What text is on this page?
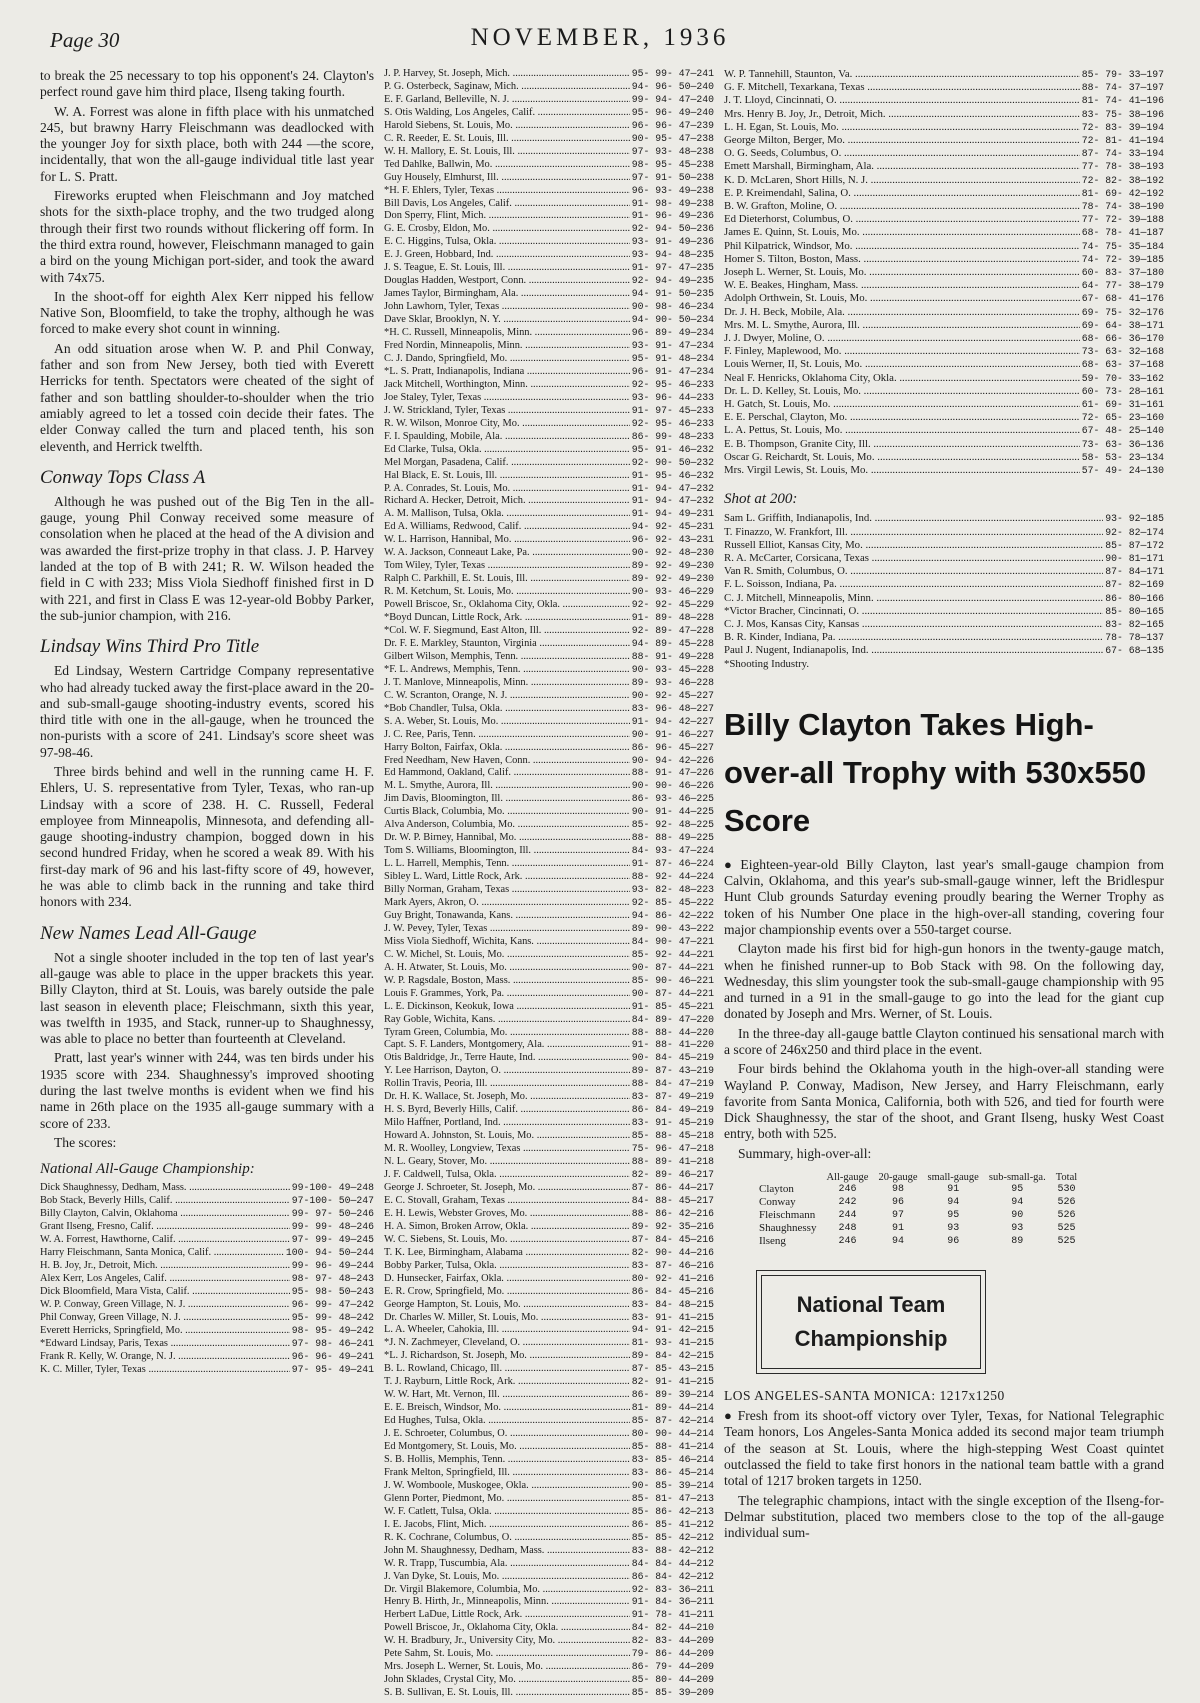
Page 30	NOVEMBER, 1936

to break the 25 necessary to top his opponent's 24. Clayton's perfect round gave him third place, Ilseng taking fourth.

W. A. Forrest was alone in fifth place with his unmatched 245, but brawny Harry Fleischmann was deadlocked with the younger Joy for sixth place, both with 244 —the score, incidentally, that won the all-gauge individual title last year for L. S. Pratt.

Fireworks erupted when Fleischmann and Joy matched shots for the sixth-place trophy, and the two trudged along through their first two rounds without flickering off form. In the third extra round, however, Fleischmann managed to gain a bird on the young Michigan port-sider, and took the award with 74x75.

In the shoot-off for eighth Alex Kerr nipped his fellow Native Son, Bloomfield, to take the trophy, although he was forced to make every shot count in winning.

An odd situation arose when W. P. and Phil Conway, father and son from New Jersey, both tied with Everett Herricks for tenth. Spectators were cheated of the sight of father and son battling shoulder-to-shoulder when the trio amiably agreed to let a tossed coin decide their fates. The elder Conway called the turn and placed tenth, his son eleventh, and Herrick twelfth.

Conway Tops Class A

Although he was pushed out of the Big Ten in the all-gauge, young Phil Conway received some measure of consolation when he placed at the head of the A division and was awarded the first-prize trophy in that class. J. P. Harvey landed at the top of B with 241; R. W. Wilson headed the field in C with 233; Miss Viola Siedhoff finished first in D with 221, and first in Class E was 12-year-old Bobby Parker, the sub-junior champion, with 216.

Lindsay Wins Third Pro Title

Ed Lindsay, Western Cartridge Company representative who had already tucked away the first-place award in the 20- and sub-small-gauge shooting-industry events, scored his third title with one in the all-gauge, when he trounced the non-purists with a score of 241. Lindsay's score sheet was 97-98-46.

Three birds behind and well in the running came H. F. Ehlers, U. S. representative from Tyler, Texas, who ran-up Lindsay with a score of 238. H. C. Russell, Federal employee from Minneapolis, Minnesota, and defending all-gauge shooting-industry champion, bogged down in his second hundred Friday, when he scored a weak 89. With his first-day mark of 96 and his last-fifty score of 49, however, he was able to climb back in the running and take third honors with 234.

New Names Lead All-Gauge

Not a single shooter included in the top ten of last year's all-gauge was able to place in the upper brackets this year. Billy Clayton, third at St. Louis, was barely outside the pale last season in eleventh place; Fleischmann, sixth this year, was twelfth in 1935, and Stack, runner-up to Shaughnessy, was able to place no better than fourteenth at Cleveland.

Pratt, last year's winner with 244, was ten birds under his 1935 score with 234. Shaughnessy's improved shooting during the last twelve months is evident when we find his name in 26th place on the 1935 all-gauge summary with a score of 233.

The scores:

National All-Gauge Championship:
Dick Shaughnessy, Dedham, Mass. .....	99-100- 49—248
Bob Stack, Beverly Hills, Calif. .....	97-100- 50—247
Billy Clayton, Calvin, Oklahoma .....	99- 97- 50—246
Grant Ilseng, Fresno, Calif. .....	99- 99- 48—246
W. A. Forrest, Hawthorne, Calif. .....	97- 99- 49—245
Harry Fleischmann, Santa Monica, Calif. .....	100- 94- 50—244
H. B. Joy, Jr., Detroit, Mich. .....	99- 96- 49—244
Alex Kerr, Los Angeles, Calif. .....	98- 97- 48—243
Dick Bloomfield, Mara Vista, Calif. .....	95- 98- 50—243
W. P. Conway, Green Village, N. J. .....	96- 99- 47—242
Phil Conway, Green Village, N. J. .....	95- 99- 48—242
Everett Herricks, Springfield, Mo. .....	98- 95- 49—242
*Edward Lindsay, Paris, Texas .....	97- 98- 46—241
Frank R. Kelly, W. Orange, N. J. .....	96- 96- 49—241
K. C. Miller, Tyler, Texas .....	97- 95- 49—241
J. P. Harvey, St. Joseph, Mich. .....	95- 99- 47—241
P. G. Osterbeck, Saginaw, Mich. .....	94- 96- 50—240
E. F. Garland, Belleville, N. J. .....	99- 94- 47—240
S. Otis Walding, Los Angeles, Calif. .....	95- 96- 49—240
Harold Siebens, St. Louis, Mo. .....	96- 96- 47—239
C. R. Reeder, E. St. Louis, Ill. .....	90- 95- 47—238
W. H. Mallory, E. St. Louis, Ill. .....	97- 93- 48—238
Ted Dahlke, Ballwin, Mo. .....	98- 95- 45—238
Guy Housely, Elmhurst, Ill. .....	97- 91- 50—238
*H. F. Ehlers, Tyler, Texas .....	96- 93- 49—238
Bill Davis, Los Angeles, Calif. .....	91- 98- 49—238
Don Sperry, Flint, Mich. .....	91- 96- 49—236
G. E. Crosby, Eldon, Mo. .....	92- 94- 50—236
E. C. Higgins, Tulsa, Okla. .....	93- 91- 49—236
E. J. Green, Hobbard, Ind. .....	93- 94- 48—235
J. S. Teague, E. St. Louis, Ill. .....	91- 97- 47—235
Douglas Hadden, Westport, Conn. .....	92- 94- 49—235
James Taylor, Birmingham, Ala. .....	94- 91- 50—235
John Lawhorn, Tyler, Texas .....	90- 98- 46—234
Dave Sklar, Brooklyn, N. Y. .....	94- 90- 50—234
*H. C. Russell, Minneapolis, Minn. .....	96- 89- 49—234
Fred Nordin, Minneapolis, Minn. .....	93- 91- 47—234
C. J. Dando, Springfield, Mo. .....	95- 91- 48—234
*L. S. Pratt, Indianapolis, Indiana .....	96- 91- 47—234
Jack Mitchell, Worthington, Minn. .....	92- 95- 46—233
Joe Staley, Tyler, Texas .....	93- 96- 44—233
J. W. Strickland, Tyler, Texas .....	91- 97- 45—233
R. W. Wilson, Monroe City, Mo. .....	92- 95- 46—233
F. I. Spaulding, Mobile, Ala. .....	86- 99- 48—233
Ed Clarke, Tulsa, Okla. .....	95- 91- 46—232
Mel Morgan, Pasadena, Calif. .....	92- 90- 50—232
Hal Black, E. St. Louis, Ill. .....	91- 95- 46—232
P. A. Conrades, St. Louis, Mo. .....	91- 94- 47—232
Richard A. Hecker, Detroit, Mich. .....	91- 94- 47—232
A. M. Mallison, Tulsa, Okla. .....	91- 94- 49—231
Ed A. Williams, Redwood, Calif. .....	94- 92- 45—231
W. L. Harrison, Hannibal, Mo. .....	96- 92- 43—231
W. A. Jackson, Conneaut Lake, Pa. .....	90- 92- 48—230
Tom Wiley, Tyler, Texas .....	89- 92- 49—230
Ralph C. Parkhill, E. St. Louis, Ill. .....	89- 92- 49—230
R. M. Ketchum, St. Louis, Mo. .....	90- 93- 46—229
Powell Briscoe, Sr., Oklahoma City, Okla. .....	92- 92- 45—229
*Boyd Duncan, Little Rock, Ark. .....	91- 89- 48—228
*Col. W. F. Siegmund, East Alton, Ill. .....	92- 89- 47—228
Dr. F. E. Markley, Staunton, Virginia .....	94- 89- 45—228
Gilbert Wilson, Memphis, Tenn. .....	88- 91- 49—228
*F. L. Andrews, Memphis, Tenn. .....	90- 93- 45—228
J. T. Manlove, Minneapolis, Minn. .....	89- 93- 46—228
C. W. Scranton, Orange, N. J. .....	90- 92- 45—227
*Bob Chandler, Tulsa, Okla. .....	83- 96- 48—227
S. A. Weber, St. Louis, Mo. .....	91- 94- 42—227
J. C. Ree, Paris, Tenn. .....	90- 91- 46—227
Harry Bolton, Fairfax, Okla. .....	86- 96- 45—227
Fred Needham, New Haven, Conn. .....	90- 94- 42—226
Ed Hammond, Oakland, Calif. .....	88- 91- 47—226
M. L. Smythe, Aurora, Ill. .....	90- 90- 46—226
Jim Davis, Bloomington, Ill. .....	86- 93- 46—225
Curtis Black, Columbia, Mo. .....	90- 91- 44—225
Alva Anderson, Columbia, Mo. .....	85- 92- 48—225
Dr. W. P. Birney, Hannibal, Mo. .....	88- 88- 49—225
Tom S. Williams, Bloomington, Ill. .....	84- 93- 47—224
L. L. Harrell, Memphis, Tenn. .....	91- 87- 46—224
Sibley L. Ward, Little Rock, Ark. .....	88- 92- 44—224
Billy Norman, Graham, Texas .....	93- 82- 48—223
Mark Ayers, Akron, O. .....	92- 85- 45—222
Guy Bright, Tonawanda, Kans. .....	94- 86- 42—222
J. W. Pevey, Tyler, Texas .....	89- 90- 43—222
Miss Viola Siedhoff, Wichita, Kans. .....	84- 90- 47—221
C. W. Michel, St. Louis, Mo. .....	85- 92- 44—221
A. H. Atwater, St. Louis, Mo. .....	90- 87- 44—221
W. P. Ragsdale, Boston, Mass. .....	85- 90- 46—221
Louis F. Grammes, York, Pa. .....	90- 87- 44—221
L. E. Dickinson, Keokuk, Iowa .....	91- 85- 45—221
Ray Goble, Wichita, Kans. .....	84- 89- 47—220
Tyram Green, Columbia, Mo. .....	88- 88- 44—220
Capt. S. F. Landers, Montgomery, Ala. .....	91- 88- 41—220
Otis Baldridge, Jr., Terre Haute, Ind. .....	90- 84- 45—219
Y. Lee Harrison, Dayton, O. .....	89- 87- 43—219
Rollin Travis, Peoria, Ill. .....	88- 84- 47—219
Dr. H. K. Wallace, St. Joseph, Mo. .....	83- 87- 49—219
H. S. Byrd, Beverly Hills, Calif. .....	86- 84- 49—219
Milo Haffner, Portland, Ind. .....	83- 91- 45—219
Howard A. Johnston, St. Louis, Mo. .....	85- 88- 45—218
M. R. Woolley, Longview, Texas .....	75- 96- 47—218
N. L. Geary, Stover, Mo. .....	88- 89- 41—218
J. F. Caldwell, Tulsa, Okla. .....	82- 89- 46—217
George J. Schroeter, St. Joseph, Mo. .....	87- 86- 44—217
E. C. Stovall, Graham, Texas .....	84- 88- 45—217
E. H. Lewis, Webster Groves, Mo. .....	88- 86- 42—216
H. A. Simon, Broken Arrow, Okla. .....	89- 92- 35—216
W. C. Siebens, St. Louis, Mo. .....	87- 84- 45—216
T. K. Lee, Birmingham, Alabama .....	82- 90- 44—216
Bobby Parker, Tulsa, Okla. .....	83- 87- 46—216
D. Hunsecker, Fairfax, Okla. .....	80- 92- 41—216
E. R. Crow, Springfield, Mo. .....	86- 84- 45—216
George Hampton, St. Louis, Mo. .....	83- 84- 48—215
Dr. Charles W. Miller, St. Louis, Mo. .....	83- 91- 41—215
L. A. Wheeler, Cahokia, Ill. .....	94- 91- 42—215
*J. N. Zachmeyer, Cleveland, O. .....	81- 93- 41—215
*L. J. Richardson, St. Joseph, Mo. .....	89- 84- 42—215
B. L. Rowland, Chicago, Ill. .....	87- 85- 43—215
T. J. Rayburn, Little Rock, Ark. .....	82- 91- 41—215
W. W. Hart, Mt. Vernon, Ill. .....	86- 89- 39—214
E. E. Breisch, Windsor, Mo. .....	81- 89- 44—214
Ed Hughes, Tulsa, Okla. .....	85- 87- 42—214
J. E. Schroeter, Columbus, O. .....	80- 90- 44—214
Ed Montgomery, St. Louis, Mo. .....	85- 88- 41—214
S. B. Hollis, Memphis, Tenn. .....	83- 85- 46—214
Frank Melton, Springfield, Ill. .....	83- 86- 45—214
J. W. Womboole, Muskogee, Okla. .....	90- 85- 39—214
Glenn Porter, Piedmont, Mo. .....	85- 81- 47—213
W. F. Catlett, Tulsa, Okla. .....	85- 86- 42—213
I. E. Jacobs, Flint, Mich. .....	86- 85- 41—212
R. K. Cochrane, Columbus, O. .....	85- 85- 42—212
John M. Shaughnessy, Dedham, Mass. .....	83- 88- 42—212
W. R. Trapp, Tuscumbia, Ala. .....	84- 84- 44—212
J. Van Dyke, St. Louis, Mo. .....	86- 84- 42—212
Dr. Virgil Blakemore, Columbia, Mo. .....	92- 83- 36—211
Henry B. Hirth, Jr., Minneapolis, Minn. .....	91- 84- 36—211
Herbert LaDue, Little Rock, Ark. .....	91- 78- 41—211
Powell Briscoe, Jr., Oklahoma City, Okla. .....	84- 82- 44—210
W. H. Bradbury, Jr., University City, Mo. .....	82- 83- 44—209
Pete Sahm, St. Louis, Mo. .....	79- 86- 44—209
Mrs. Joseph L. Werner, St. Louis, Mo. .....	86- 79- 44—209
John Sklades, Crystal City, Mo. .....	85- 80- 44—209
S. B. Sullivan, E. St. Louis, Ill. .....	85- 85- 39—209
W. P. Tannehill, Staunton, Va. .....	85- 79- 33—197
G. F. Mitchell, Texarkana, Texas .....	88- 74- 37—197
J. T. Lloyd, Cincinnati, O. .....	81- 74- 41—196
Mrs. Henry B. Joy, Jr., Detroit, Mich. .....	83- 75- 38—196
L. H. Egan, St. Louis, Mo. .....	72- 83- 39—194
George Milton, Berger, Mo. .....	72- 81- 41—194
O. G. Seeds, Columbus, O. .....	87- 74- 33—194
Emett Marshall, Birmingham, Ala. .....	77- 78- 38—193
K. D. McLaren, Short Hills, N. J. .....	72- 82- 38—192
E. P. Kreimendahl, Salina, O. .....	81- 69- 42—192
B. W. Grafton, Moline, O. .....	78- 74- 38—190
Ed Dieterhorst, Columbus, O. .....	77- 72- 39—188
James E. Quinn, St. Louis, Mo. .....	68- 78- 41—187
Phil Kilpatrick, Windsor, Mo. .....	74- 75- 35—184
Homer S. Tilton, Boston, Mass. .....	74- 72- 39—185
Joseph L. Werner, St. Louis, Mo. .....	60- 83- 37—180
W. E. Beakes, Hingham, Mass. .....	64- 77- 38—179
Adolph Orthwein, St. Louis, Mo. .....	67- 68- 41—176
Dr. J. H. Beck, Mobile, Ala. .....	69- 75- 32—176
Mrs. M. L. Smythe, Aurora, Ill. .....	69- 64- 38—171
J. J. Dwyer, Moline, O. .....	68- 66- 36—170
F. Finley, Maplewood, Mo. .....	73- 63- 32—168
Louis Werner, II, St. Louis, Mo. .....	68- 63- 37—168
Neal F. Henricks, Oklahoma City, Okla. .....	59- 70- 33—162
Dr. L. D. Kelley, St. Louis, Mo. .....	60- 73- 28—161
H. Gatch, St. Louis, Mo. .....	61- 69- 31—161
E. E. Perschal, Clayton, Mo. .....	72- 65- 23—160
L. A. Pettus, St. Louis, Mo. .....	67- 48- 25—140
E. B. Thompson, Granite City, Ill. .....	73- 63- 36—136
Oscar G. Reichardt, St. Louis, Mo. .....	58- 53- 23—134
Mrs. Virgil Lewis, St. Louis, Mo. .....	57- 49- 24—130
Shot at 200:
Sam L. Griffith, Indianapolis, Ind. .....	93- 92—185
T. Finazzo, W. Frankfort, Ill. .....	92- 82—174
Russell Elliot, Kansas City, Mo. .....	85- 87—172
R. A. McCarter, Corsicana, Texas .....	90- 81—171
Van R. Smith, Columbus, O. .....	87- 84—171
F. L. Soisson, Indiana, Pa. .....	87- 82—169
C. J. Mitchell, Minneapolis, Minn. .....	86- 80—166
*Victor Bracher, Cincinnati, O. .....	85- 80—165
C. J. Mos, Kansas City, Kansas .....	83- 82—165
B. R. Kinder, Indiana, Pa. .....	78- 78—137
Paul J. Nugent, Indianapolis, Ind. .....	67- 68—135
*Shooting Industry.
Billy Clayton Takes High-over-all Trophy with 530x550 Score

● Eighteen-year-old Billy Clayton, last year's small-gauge champion from Calvin, Oklahoma, and this year's sub-small-gauge winner, left the Bridlespur Hunt Club grounds Saturday evening proudly bearing the Werner Trophy as token of his Number One place in the high-over-all standing, covering four major championship events over a 550-target course.

Clayton made his first bid for high-gun honors in the twenty-gauge match, when he finished runner-up to Bob Stack with 98. On the following day, Wednesday, this slim youngster took the sub-small-gauge championship with 95 and turned in a 91 in the small-gauge to go into the lead for the giant cup donated by Joseph and Mrs. Werner, of St. Louis.

In the three-day all-gauge battle Clayton continued his sensational march with a score of 246x250 and third place in the event.

Four birds behind the Oklahoma youth in the high-over-all standing were Wayland P. Conway, Madison, New Jersey, and Harry Fleischmann, early favorite from Santa Monica, California, both with 526, and tied for fourth were Dick Shaughnessy, the star of the shoot, and Grant Ilseng, husky West Coast entry, both with 525.

Summary, high-over-all:

	All-gauge	20-gauge	small-gauge	sub-small-ga.	Total
Clayton	246	98	91	95	530
Conway	242	96	94	94	526
Fleischmann	244	97	95	90	526
Shaughnessy	248	91	93	93	525
Ilseng	246	94	96	89	525
National Team Championship
LOS ANGELES-SANTA MONICA: 1217x1250

● Fresh from its shoot-off victory over Tyler, Texas, for National Telegraphic Team honors, Los Angeles-Santa Monica added its second major team triumph of the season at St. Louis, where the high-stepping West Coast quintet outclassed the field to take first honors in the national team battle with a grand total of 1217 broken targets in 1250.

The telegraphic champions, intact with the single exception of the Ilseng-for-Delmar substitution, placed two members close to the top of the all-gauge individual sum-
